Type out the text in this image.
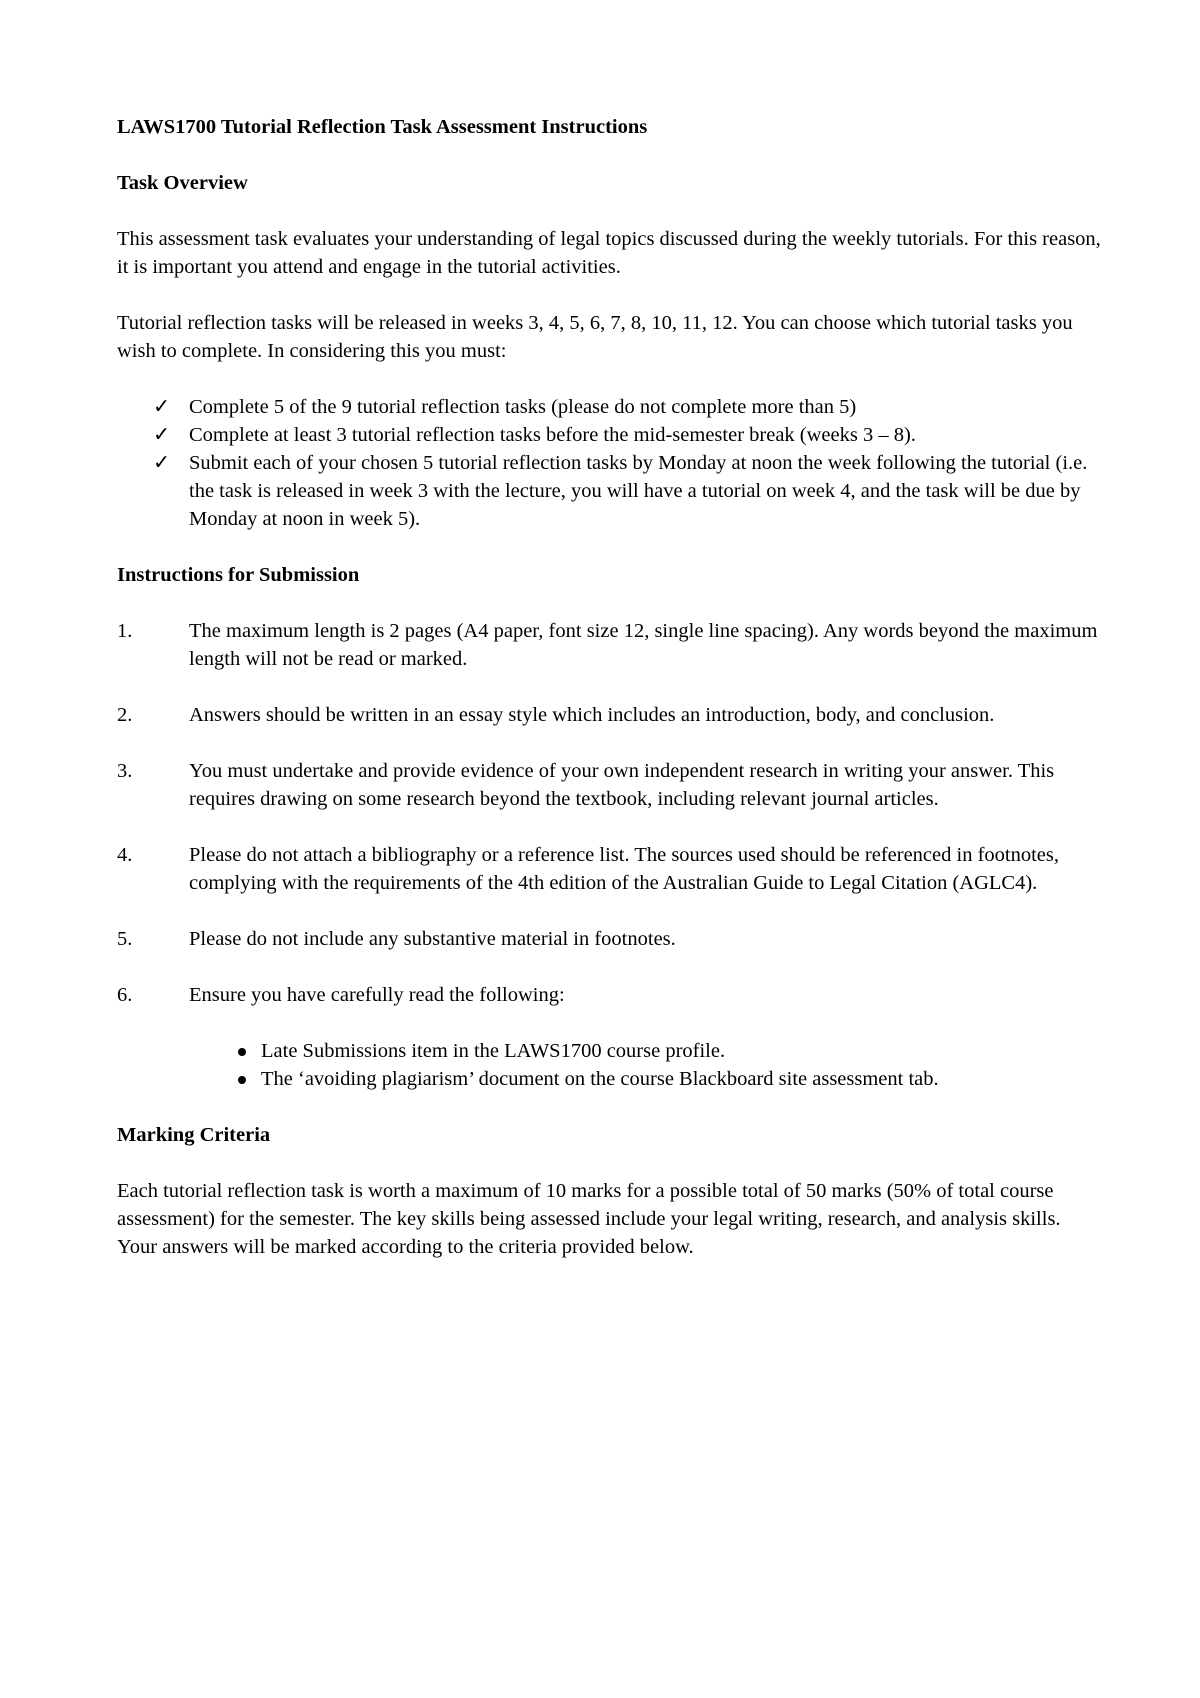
LAWS1700 Tutorial Reflection Task Assessment Instructions
Task Overview

This assessment task evaluates your understanding of legal topics discussed during the weekly tutorials. For this reason, it is important you attend and engage in the tutorial activities.

Tutorial reflection tasks will be released in weeks 3, 4, 5, 6, 7, 8, 10, 11, 12. You can choose which tutorial tasks you wish to complete. In considering this you must:

✓ Complete 5 of the 9 tutorial reflection tasks (please do not complete more than 5)
✓ Complete at least 3 tutorial reflection tasks before the mid-semester break (weeks 3 – 8).
✓ Submit each of your chosen 5 tutorial reflection tasks by Monday at noon the week following the tutorial (i.e. the task is released in week 3 with the lecture, you will have a tutorial on week 4, and the task will be due by Monday at noon in week 5).
Instructions for Submission
1.	The maximum length is 2 pages (A4 paper, font size 12, single line spacing). Any words beyond the maximum length will not be read or marked.
2.	Answers should be written in an essay style which includes an introduction, body, and conclusion.
3.	You must undertake and provide evidence of your own independent research in writing your answer. This requires drawing on some research beyond the textbook, including relevant journal articles.
4.	Please do not attach a bibliography or a reference list. The sources used should be referenced in footnotes, complying with the requirements of the 4th edition of the Australian Guide to Legal Citation (AGLC4).
5.	Please do not include any substantive material in footnotes.
6.	Ensure you have carefully read the following:
Late Submissions item in the LAWS1700 course profile.
The ‘avoiding plagiarism’ document on the course Blackboard site assessment tab.
Marking Criteria

Each tutorial reflection task is worth a maximum of 10 marks for a possible total of 50 marks (50% of total course assessment) for the semester. The key skills being assessed include your legal writing, research, and analysis skills. Your answers will be marked according to the criteria provided below.
